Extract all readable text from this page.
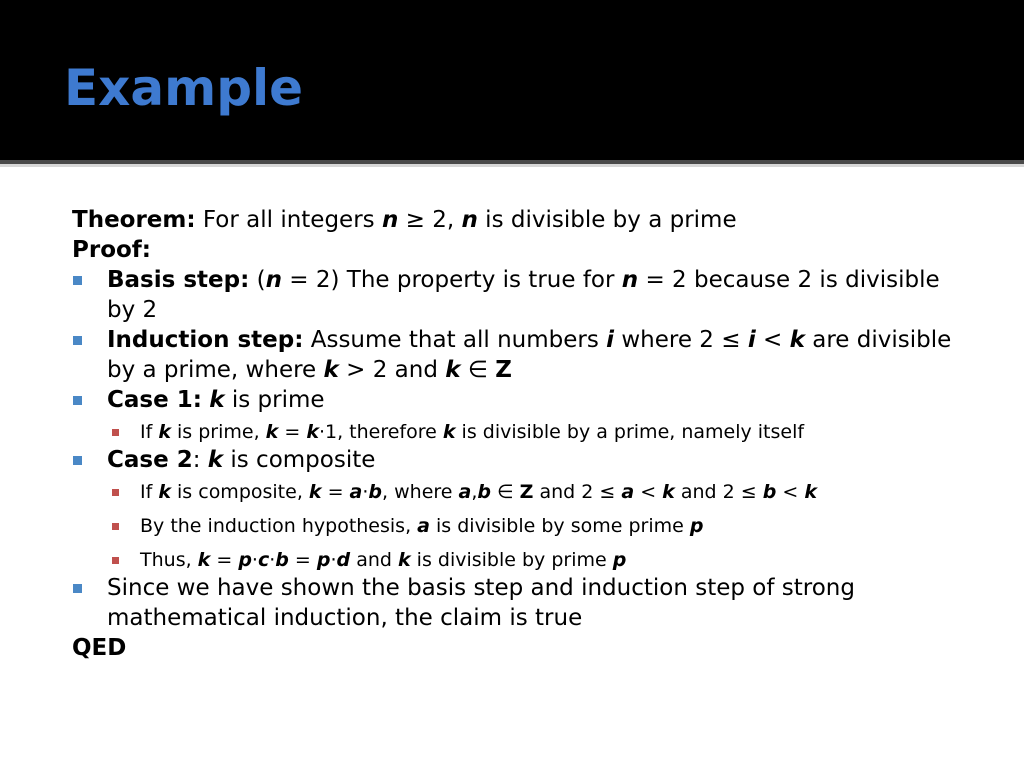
Example

Theorem: For all integers n ≥ 2, n is divisible by a prime

Proof:

Basis step: (n = 2) The property is true for n = 2 because 2 is divisible by 2
Induction step: Assume that all numbers i where 2 ≤ i < k are divisible by a prime, where k > 2 and k ∈ Z
Case 1: k is prime
If k is prime, k = k⋅1, therefore k is divisible by a prime, namely itself
Case 2: k is composite
If k is composite, k = a⋅b, where a,b ∈ Z and 2 ≤ a < k and 2 ≤ b < k
By the induction hypothesis, a is divisible by some prime p
Thus, k = p⋅c⋅b = p⋅d and k is divisible by prime p
Since we have shown the basis step and induction step of strong mathematical induction, the claim is true

QED
